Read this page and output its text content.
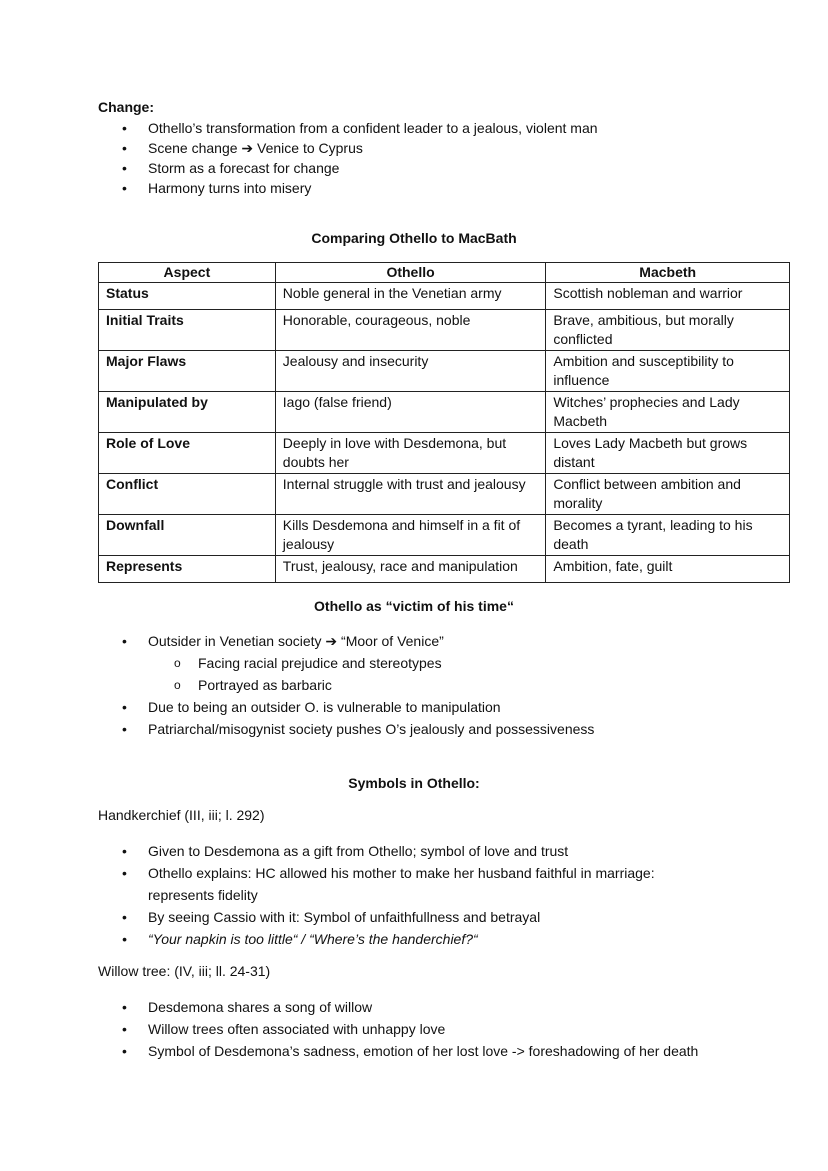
Change:
• Othello’s transformation from a confident leader to a jealous, violent man
• Scene change ➔ Venice to Cyprus
• Storm as a forecast for change
• Harmony turns into misery
Comparing Othello to MacBath
Aspect	Othello	Macbeth
Status	Noble general in the Venetian army	Scottish nobleman and warrior
Initial Traits	Honorable, courageous, noble	Brave, ambitious, but morally conflicted
Major Flaws	Jealousy and insecurity	Ambition and susceptibility to influence
Manipulated by	Iago (false friend)	Witches’ prophecies and Lady Macbeth
Role of Love	Deeply in love with Desdemona, but doubts her	Loves Lady Macbeth but grows distant
Conflict	Internal struggle with trust and jealousy	Conflict between ambition and morality
Downfall	Kills Desdemona and himself in a fit of jealousy	Becomes a tyrant, leading to his death
Represents	Trust, jealousy, race and manipulation	Ambition, fate, guilt
Othello as “victim of his time“
• Outsider in Venetian society ➔ “Moor of Venice”
o Facing racial prejudice and stereotypes
o Portrayed as barbaric
• Due to being an outsider O. is vulnerable to manipulation
• Patriarchal/misogynist society pushes O’s jealously and possessiveness
Symbols in Othello:
Handkerchief (III, iii; l. 292)
• Given to Desdemona as a gift from Othello; symbol of love and trust
• Othello explains: HC allowed his mother to make her husband faithful in marriage: represents fidelity
• By seeing Cassio with it: Symbol of unfaithfullness and betrayal
• “Your napkin is too little“ / “Where’s the handerchief?“
Willow tree: (IV, iii; ll. 24-31)
• Desdemona shares a song of willow
• Willow trees often associated with unhappy love
• Symbol of Desdemona’s sadness, emotion of her lost love -> foreshadowing of her death
